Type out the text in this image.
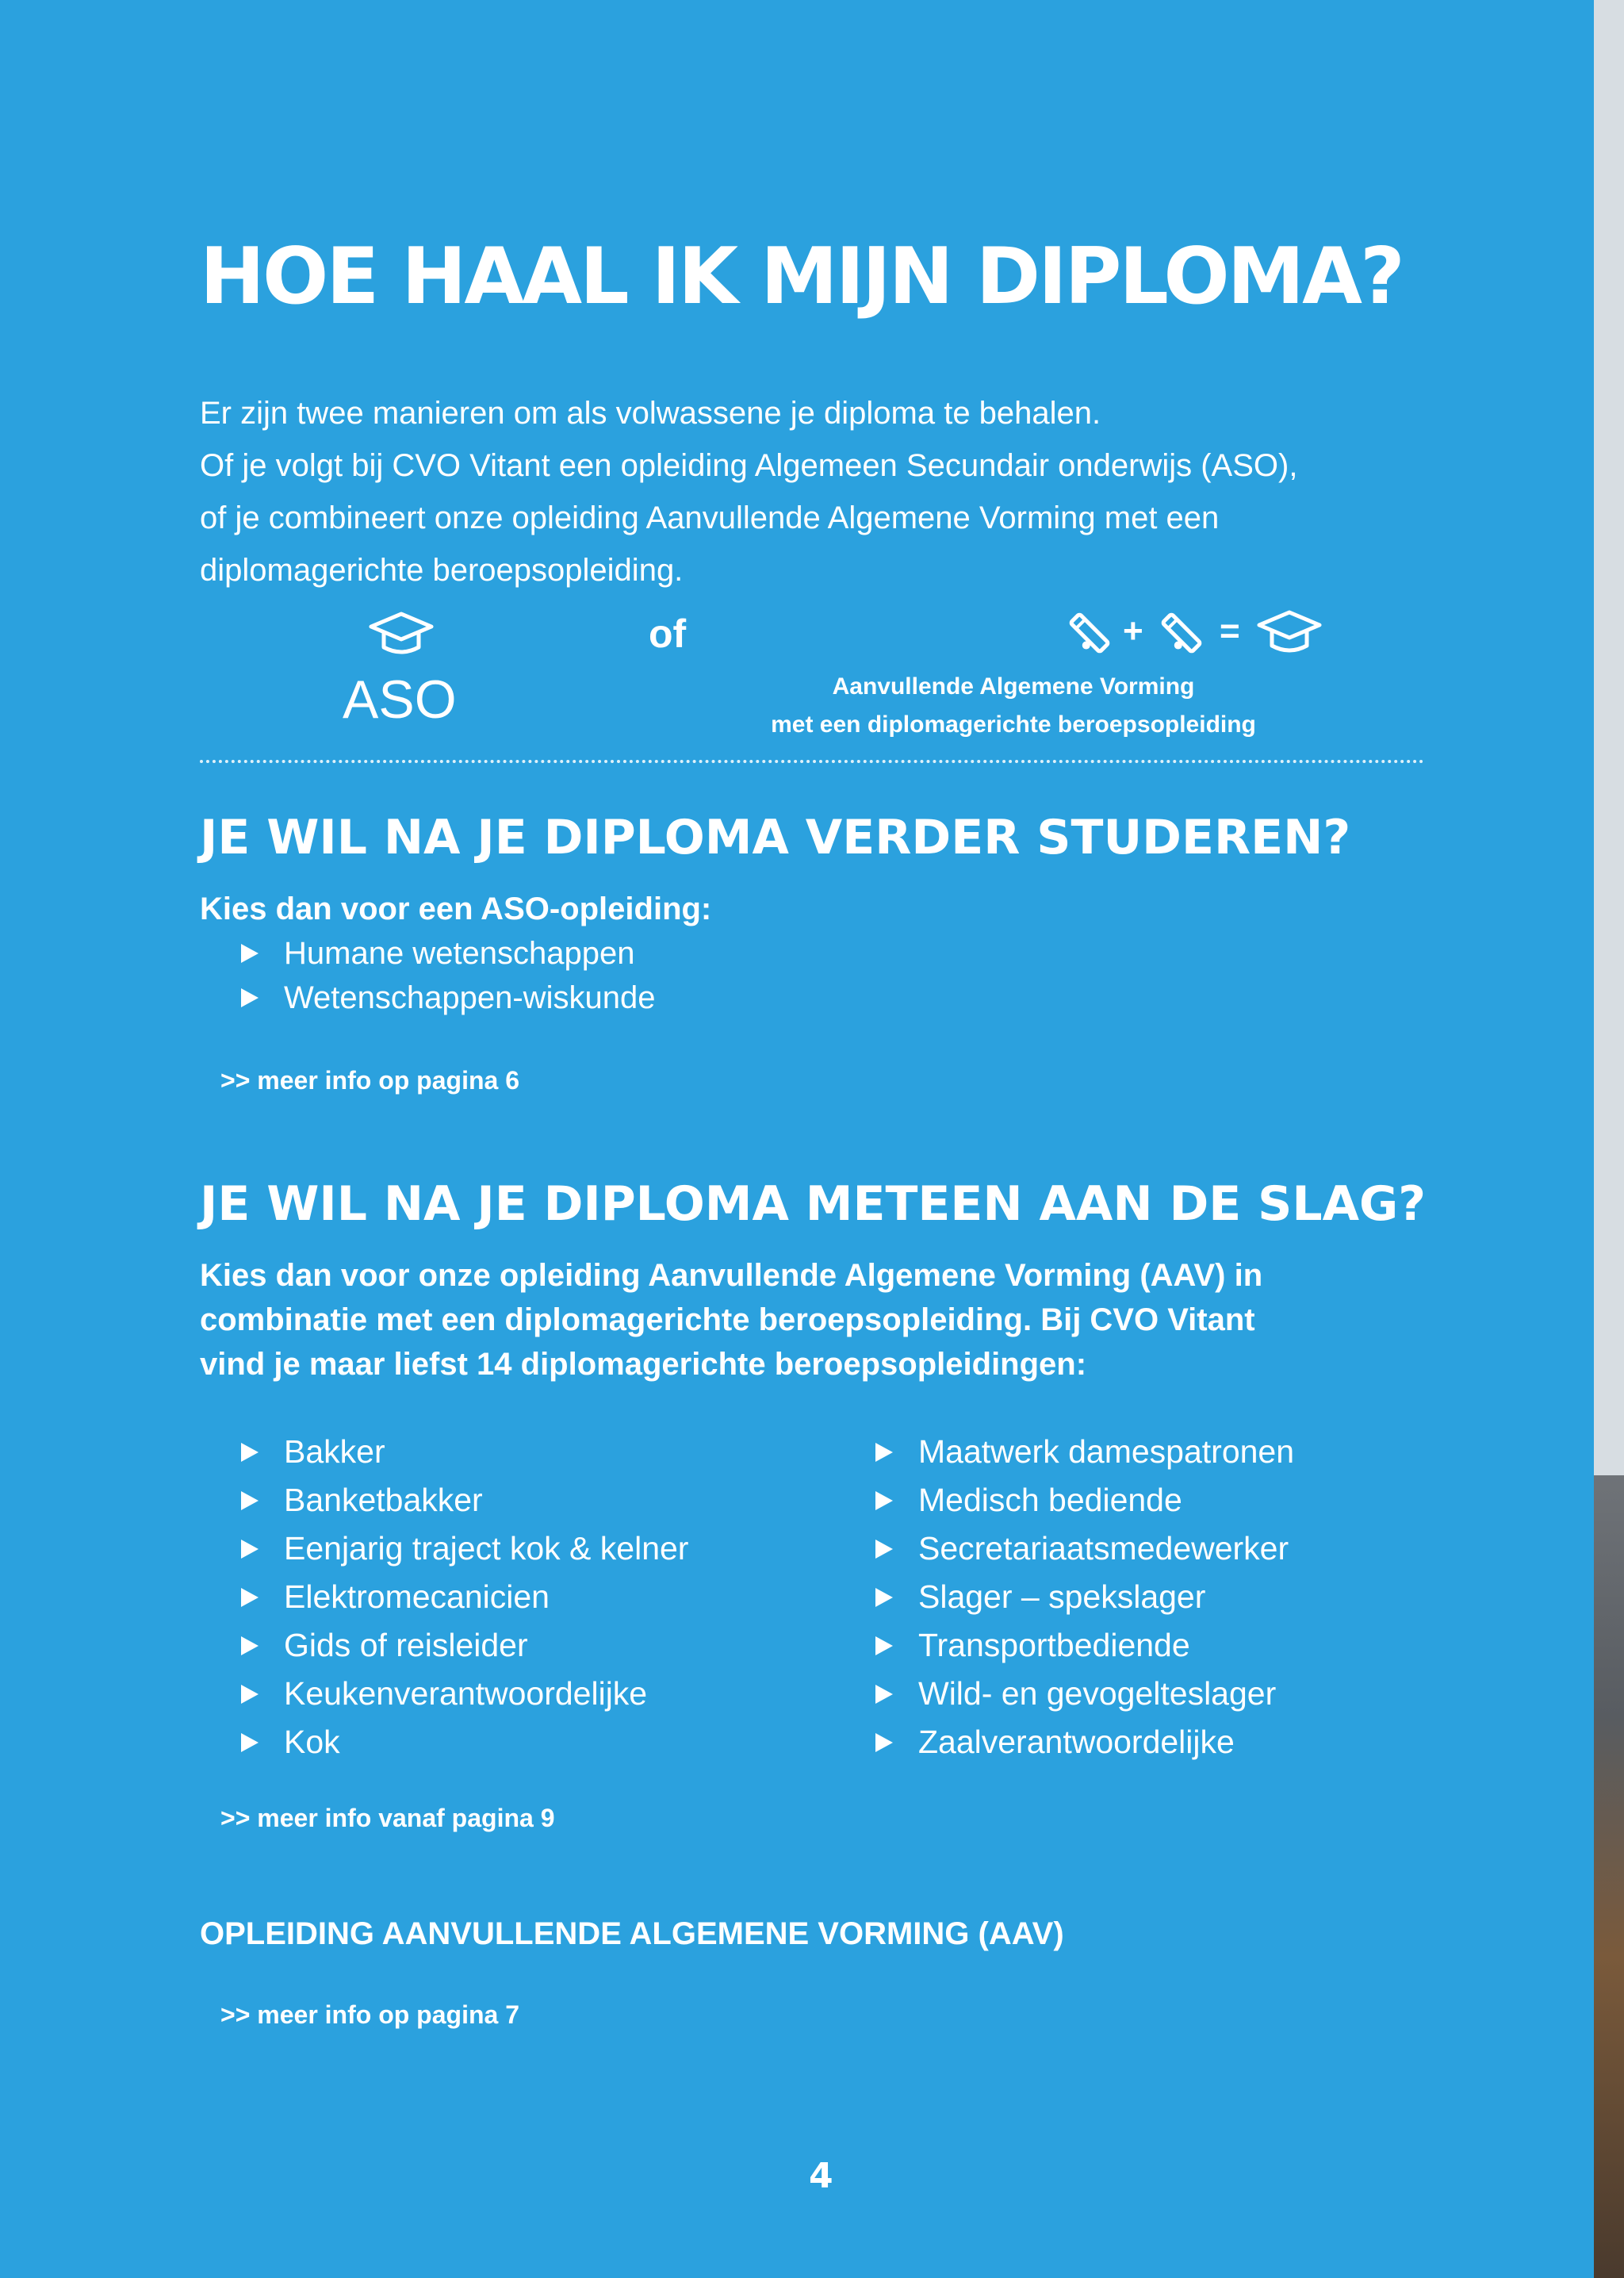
HOE HAAL IK MIJN DIPLOMA?

Er zijn twee manieren om als volwassene je diploma te behalen.

Of je volgt bij CVO Vitant een opleiding Algemeen Secundair onderwijs (ASO),

of je combineert onze opleiding Aanvullende Algemene Vorming met een

diplomagerichte beroepsopleiding.

ASO
of	+ =
Aanvullende Algemene Vorming
met een diplomagerichte beroepsopleiding
JE WIL NA JE DIPLOMA VERDER STUDEREN?
Kies dan voor een ASO-opleiding:
Humane wetenschappen
Wetenschappen-wiskunde
>> meer info op pagina 6
JE WIL NA JE DIPLOMA METEEN AAN DE SLAG?

Kies dan voor onze opleiding Aanvullende Algemene Vorming (AAV) in

combinatie met een diplomagerichte beroepsopleiding. Bij CVO Vitant

vind je maar liefst 14 diplomagerichte beroepsopleidingen:

Bakker
Banketbakker
Eenjarig traject kok & kelner
Elektromecanicien
Gids of reisleider
Keukenverantwoordelijke
Kok
Maatwerk damespatronen
Medisch bediende
Secretariaatsmedewerker
Slager – spekslager
Transportbediende
Wild- en gevogelteslager
Zaalverantwoordelijke
>> meer info vanaf pagina 9
OPLEIDING AANVULLENDE ALGEMENE VORMING (AAV)
>> meer info op pagina 7
4
